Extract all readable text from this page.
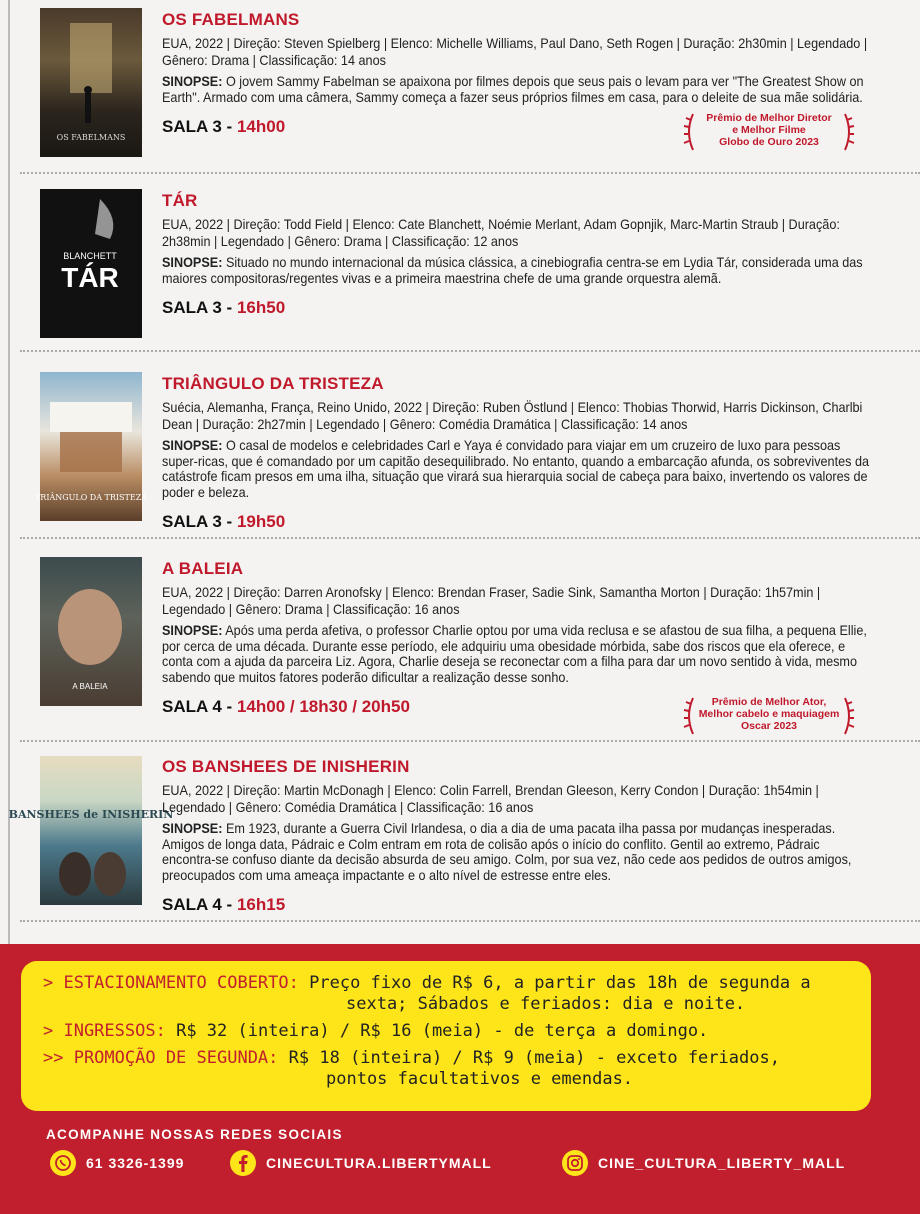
OS FABELMANS
OS FABELMANS
EUA, 2022 | Direção: Steven Spielberg | Elenco: Michelle Williams, Paul Dano, Seth Rogen | Duração: 2h30min | Legendado | Gênero: Drama | Classificação: 14 anos
SINOPSE: O jovem Sammy Fabelman se apaixona por filmes depois que seus pais o levam para ver "The Greatest Show on Earth". Armado com uma câmera, Sammy começa a fazer seus próprios filmes em casa, para o deleite de sua mãe solidária.
SALA 3 - 14h00	Prêmio de Melhor Diretor
e Melhor Filme
Globo de Ouro 2023
BLANCHETT
TÁR
TÁR
EUA, 2022 | Direção: Todd Field | Elenco: Cate Blanchett, Noémie Merlant, Adam Gopnjik, Marc-Martin Straub | Duração: 2h38min | Legendado | Gênero: Drama | Classificação: 12 anos
SINOPSE: Situado no mundo internacional da música clássica, a cinebiografia centra-se em Lydia Tár, considerada uma das maiores compositoras/regentes vivas e a primeira maestrina chefe de uma grande orquestra alemã.
SALA 3 - 16h50
TRIÂNGULO DA TRISTEZA
TRIÂNGULO DA TRISTEZA
Suécia, Alemanha, França, Reino Unido, 2022 | Direção: Ruben Östlund | Elenco: Thobias Thorwid, Harris Dickinson, Charlbi Dean | Duração: 2h27min | Legendado | Gênero: Comédia Dramática | Classificação: 14 anos
SINOPSE: O casal de modelos e celebridades Carl e Yaya é convidado para viajar em um cruzeiro de luxo para pessoas super-ricas, que é comandado por um capitão desequilibrado. No entanto, quando a embarcação afunda, os sobreviventes da catástrofe ficam presos em uma ilha, situação que virará sua hierarquia social de cabeça para baixo, invertendo os valores de poder e beleza.
SALA 3 - 19h50
A BALEIA
A BALEIA
EUA, 2022 | Direção: Darren Aronofsky | Elenco: Brendan Fraser, Sadie Sink, Samantha Morton | Duração: 1h57min | Legendado | Gênero: Drama | Classificação: 16 anos
SINOPSE: Após uma perda afetiva, o professor Charlie optou por uma vida reclusa e se afastou de sua filha, a pequena Ellie, por cerca de uma década. Durante esse período, ele adquiriu uma obesidade mórbida, sabe dos riscos que ela oferece, e conta com a ajuda da parceira Liz. Agora, Charlie deseja se reconectar com a filha para dar um novo sentido à vida, mesmo sabendo que muitos fatores poderão dificultar a realização desse sonho.
SALA 4 - 14h00 / 18h30 / 20h50	Prêmio de Melhor Ator,
Melhor cabelo e maquiagem
Oscar 2023
BANSHEES de INISHERIN
OS BANSHEES DE INISHERIN
EUA, 2022 | Direção: Martin McDonagh | Elenco: Colin Farrell, Brendan Gleeson, Kerry Condon | Duração: 1h54min | Legendado | Gênero: Comédia Dramática | Classificação: 16 anos
SINOPSE: Em 1923, durante a Guerra Civil Irlandesa, o dia a dia de uma pacata ilha passa por mudanças inesperadas. Amigos de longa data, Pádraic e Colm entram em rota de colisão após o início do conflito. Gentil ao extremo, Pádraic encontra-se confuso diante da decisão absurda de seu amigo. Colm, por sua vez, não cede aos pedidos de outros amigos, preocupados com uma ameaça impactante e o alto nível de estresse entre eles.
SALA 4 - 16h15
> ESTACIONAMENTO COBERTO: Preço fixo de R$ 6, a partir das 18h de segunda a
sexta; Sábados e feriados: dia e noite.
> INGRESSOS: R$ 32 (inteira) / R$ 16 (meia) - de terça a domingo.
>> PROMOÇÃO DE SEGUNDA: R$ 18 (inteira) / R$ 9 (meia) - exceto feriados,
pontos facultativos e emendas.
ACOMPANHE NOSSAS REDES SOCIAIS
61 3326-1399	CINECULTURA.LIBERTYMALL	CINE_CULTURA_LIBERTY_MALL
